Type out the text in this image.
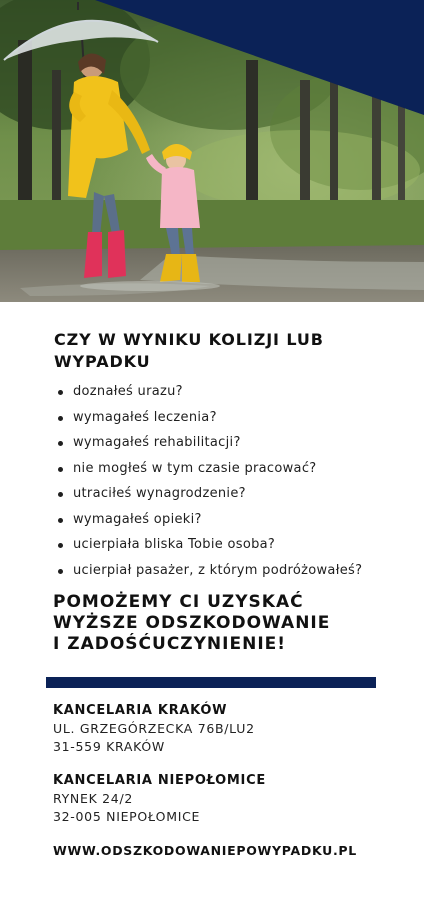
CZY W WYNIKU KOLIZJI LUB WYPADKU
doznałeś urazu?
wymagałeś leczenia?
wymagałeś rehabilitacji?
nie mogłeś w tym czasie pracować?
utraciłeś wynagrodzenie?
wymagałeś opieki?
ucierpiała bliska Tobie osoba?
ucierpiał pasażer, z którym podróżowałeś?
POMOŻEMY CI UZYSKAĆ
WYŻSZE ODSZKODOWANIE
I ZADOŚĆUCZYNIENIE!
KANCELARIA KRAKÓW
UL. GRZEGÓRZECKA 76B/LU2
31-559 KRAKÓW
KANCELARIA NIEPOŁOMICE
RYNEK 24/2
32-005 NIEPOŁOMICE
WWW.ODSZKODOWANIEPOWYPADKU.PL
